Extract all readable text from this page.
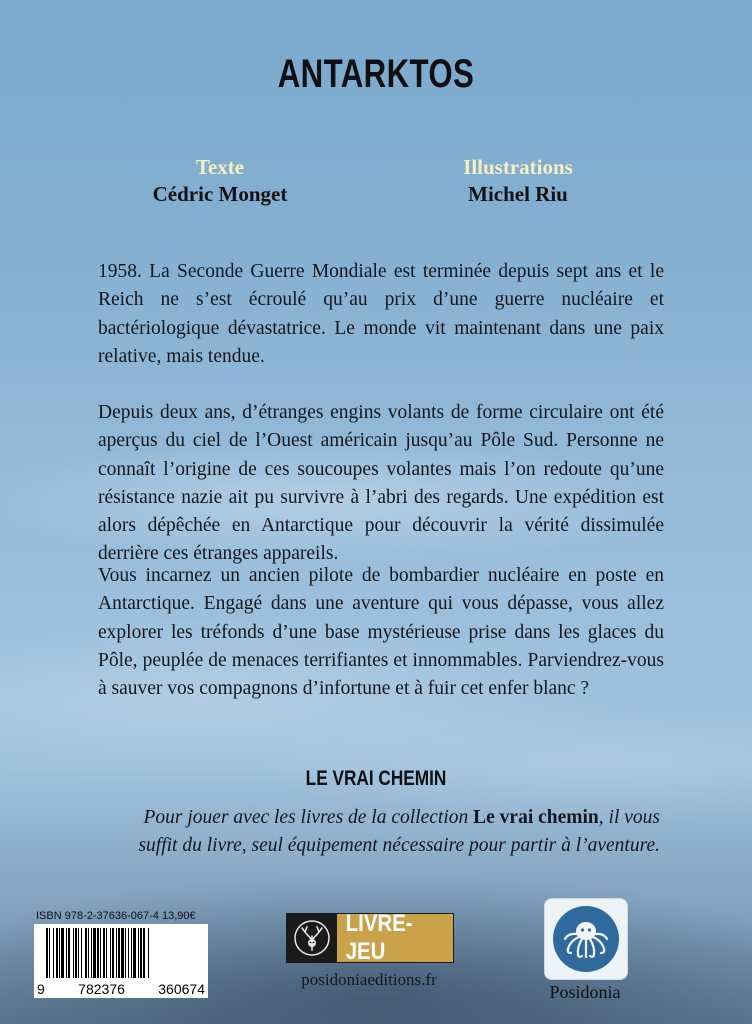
ANTARKTOS
Texte
Cédric Monget
Illustrations
Michel Riu

1958. La Seconde Guerre Mondiale est terminée depuis sept ans et le Reich ne s’est écroulé qu’au prix d’une guerre nucléaire et bactériologique dévastatrice. Le monde vit maintenant dans une paix relative, mais tendue.

Depuis deux ans, d’étranges engins volants de forme circulaire ont été aperçus du ciel de l’Ouest américain jusqu’au Pôle Sud. Personne ne connaît l’origine de ces soucoupes volantes mais l’on redoute qu’une résistance nazie ait pu survivre à l’abri des regards. Une expédition est alors dépêchée en Antarctique pour découvrir la vérité dissimulée derrière ces étranges appareils.

Vous incarnez un ancien pilote de bombardier nucléaire en poste en Antarctique. Engagé dans une aventure qui vous dépasse, vous allez explorer les tréfonds d’une base mystérieuse prise dans les glaces du Pôle, peuplée de menaces terrifiantes et innommables. Parviendrez-vous à sauver vos compagnons d’infortune et à fuir cet enfer blanc ?

LE VRAI CHEMIN
Pour jouer avec les livres de la collection Le vrai chemin, il vous suffit du livre, seul équipement nécessaire pour partir à l’aventure.
ISBN 978-2-37636-067-4 13,90€
9 782376 360674
LIVRE-JEU
posidoniaeditions.fr
Posidonia
